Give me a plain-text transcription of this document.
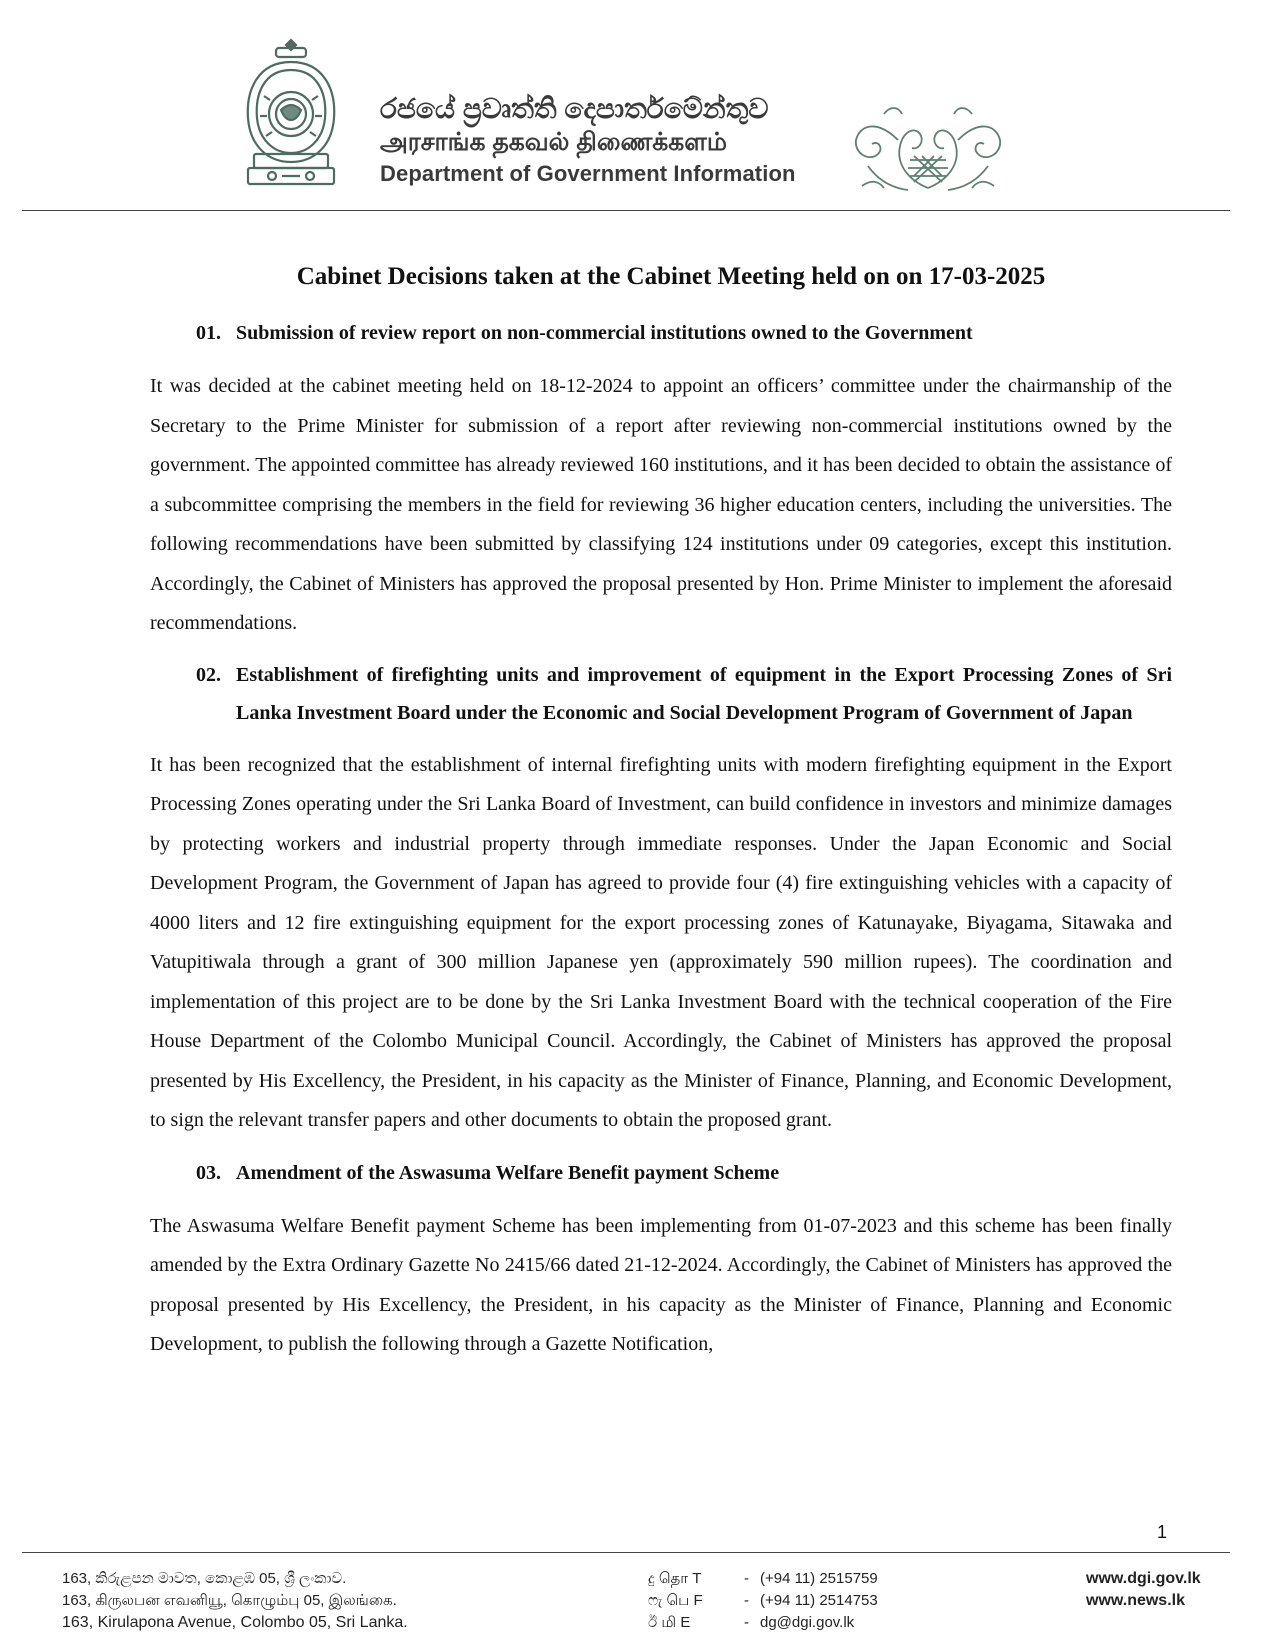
රජයේ ප්‍රවෘත්ති දෙපාර්තමේන්තුව
அரசாங்க தகவல் திணைக்களம்
Department of Government Information
Cabinet Decisions taken at the Cabinet Meeting held on on 17-03-2025
01. Submission of review report on non-commercial institutions owned to the Government

It was decided at the cabinet meeting held on 18-12-2024 to appoint an officers’ committee under the chairmanship of the Secretary to the Prime Minister for submission of a report after reviewing non-commercial institutions owned by the government. The appointed committee has already reviewed 160 institutions, and it has been decided to obtain the assistance of a subcommittee comprising the members in the field for reviewing 36 higher education centers, including the universities. The following recommendations have been submitted by classifying 124 institutions under 09 categories, except this institution. Accordingly, the Cabinet of Ministers has approved the proposal presented by Hon. Prime Minister to implement the aforesaid recommendations.

02. Establishment of firefighting units and improvement of equipment in the Export Processing Zones of Sri Lanka Investment Board under the Economic and Social Development Program of Government of Japan

It has been recognized that the establishment of internal firefighting units with modern firefighting equipment in the Export Processing Zones operating under the Sri Lanka Board of Investment, can build confidence in investors and minimize damages by protecting workers and industrial property through immediate responses. Under the Japan Economic and Social Development Program, the Government of Japan has agreed to provide four (4) fire extinguishing vehicles with a capacity of 4000 liters and 12 fire extinguishing equipment for the export processing zones of Katunayake, Biyagama, Sitawaka and Vatupitiwala through a grant of 300 million Japanese yen (approximately 590 million rupees). The coordination and implementation of this project are to be done by the Sri Lanka Investment Board with the technical cooperation of the Fire House Department of the Colombo Municipal Council. Accordingly, the Cabinet of Ministers has approved the proposal presented by His Excellency, the President, in his capacity as the Minister of Finance, Planning, and Economic Development, to sign the relevant transfer papers and other documents to obtain the proposed grant.

03. Amendment of the Aswasuma Welfare Benefit payment Scheme

The Aswasuma Welfare Benefit payment Scheme has been implementing from 01-07-2023 and this scheme has been finally amended by the Extra Ordinary Gazette No 2415/66 dated 21-12-2024. Accordingly, the Cabinet of Ministers has approved the proposal presented by His Excellency, the President, in his capacity as the Minister of Finance, Planning and Economic Development, to publish the following through a Gazette Notification,

1
163, කිරුළපන මාවත, කොළඹ 05, ශ්‍රී ලංකාව.
163, கிருலபன எவனியூ, கொழும்பு 05, இலங்கை.
163, Kirulapona Avenue, Colombo 05, Sri Lanka.
දු தொ T	- (+94 11) 2515759
ෆැ பெ F	- (+94 11) 2514753
ඊ மி E	- dg@dgi.gov.lk
www.dgi.gov.lk
www.news.lk
